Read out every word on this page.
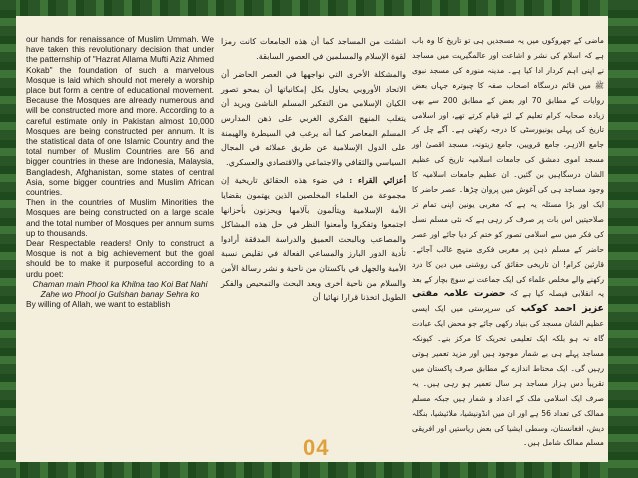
our hands for renaissance of Muslim Ummah. We have taken this revolutionary decision that under the patternship of "Hazrat Allama Mufti Aziz Ahmed Kokab" the foundation of such a marvelous Mosque is laid which should not merely a worship place but form a centre of educational movement. Because the Mosques are already numerous and will be constructed more and more. According to a careful estimate only in Pakistan almost 10,000 Mosques are being constructed per annum. It is the statistical data of one Islamic Country and the total number of Muslim Countries are 56 and bigger countries in these are Indonesia, Malaysia, Bangladesh, Afghanistan, some states of central Asia, some bigger countries and Muslim African countries.

Then in the countries of Muslim Minorities the Mosques are being constructed on a large scale and the total number of Mosques per annum sums up to thousands.

Dear Respectable readers! Only to construct a Mosque is not a big achievement but the goal should be to make it purposeful according to a urdu poet:

Chaman main Phool ka Khilna tao Koi Bat Nahi

Zahe wo Phool jo Gulshan banay Sehra ko

By willing of Allah, we want to establish

انشئت من المساجد كما أن هذه الجامعات كانت رمزا لقوة الإسلام والمسلمين في العصور السابقة.

والمشكلة الأخرى التي نواجهها في العصر الحاضر أن الاتحاد الأوروبي يحاول بكل إمكانياتها أن يمحو تصور الكيان الإسلامي من التفكير المسلم الناشئ ويريد أن يتغلب المنهج الفكري الغربي على ذهن المدارس المسلم المعاصر كما أنه يرغب في السيطرة والهيمنة على الدول الإسلامية عن طريق عملائه في المجال السياسي والثقافي والاجتماعي والاقتصادي والعسكري.

أعزائي القراء : في ضوء هذه الحقائق تاريخية إن مجموعة من العلماء المخلصين الذين يهتمون بقضايا الأمة الإسلامية ويتألمون بآلامها ويحزنون بأحزانها اجتمعوا وتفكروا وأمعنوا النظر في حل هذه المشاكل والمصاعب وبالبحث العميق والدراسة المدققة أرادوا تأدية الدور البارز والمساعي الفعالة في تقليص نسبة الأمية والجهل في باكستان من ناحية و نشر رسالة الأمن والسلام من ناحية أخرى ويعد البحث والتمحيص والفكر الطويل اتخذنا قرارا نهائيا أن

ماضی کے جھروکوں میں یہ مسجدیں ہی تو تاریخ کا وہ باب ہے کہ اسلام کی نشر و اشاعت اور عالمگیریت میں مساجد نے اپنی اہم کردار ادا کیا ہے۔ مدینہ منورہ کی مسجد نبوی ﷺ میں قائم درسگاہ اصحاب صفہ کا چبوترہ جہاں بعض روایات کے مطابق 70 اور بعض کے مطابق 200 سے بھی زیادہ صحابہ کرام تعلیم کے لئے قیام کرتے تھے، اور اسلامی تاریخ کی پہلی یونیورسٹی کا درجہ رکھتی ہے۔ آگے چل کر جامع الازہر، جامع قرویین، جامع زیتونہ، مسجد اقصیٰ اور مسجد اموی دمشق کی جامعات اسلامیہ تاریخ کی عظیم الشان درسگاہیں بن گئیں۔ ان عظیم جامعات اسلامیہ کا وجود مساجد ہی کی آغوش میں پروان چڑھا۔ عصر حاضر کا ایک اور بڑا مسئلہ یہ ہے کہ مغربی یونین اپنی تمام تر صلاحیتیں اس بات پر صرف کر رہی ہے کہ نئی مسلم نسل کی فکر میں سے اسلامی تصور کو ختم کر دیا جائے اور عصر حاضر کے مسلم ذہن پر مغربی فکری منہج غالب آجائے۔ قارئین کرام! ان تاریخی حقائق کی روشنی میں دین کا درد رکھنے والے مخلص علماء کی ایک جماعت نے سوچ بچار کے بعد یہ انقلابی فیصلہ کیا ہے کہ حضرت علامہ مفتی عزیز احمد کوکب کی سرپرستی میں ایک ایسی عظیم الشان مسجد کی بنیاد رکھی جائے جو محض ایک عبادت گاہ نہ ہو بلکہ ایک تعلیمی تحریک کا مرکز بنے۔ کیونکہ مساجد پہلے ہی بے شمار موجود ہیں اور مزید تعمیر ہوتی رہیں گی۔ ایک محتاط اندازے کے مطابق صرف پاکستان میں تقریباً دس ہزار مساجد ہر سال تعمیر ہو رہی ہیں۔ یہ صرف ایک اسلامی ملک کے اعداد و شمار ہیں جبکہ مسلم ممالک کی تعداد 56 ہے اور ان میں انڈونیشیا، ملائیشیا، بنگلہ دیش، افغانستان، وسطی ایشیا کی بعض ریاستیں اور افریقی مسلم ممالک شامل ہیں۔
04
